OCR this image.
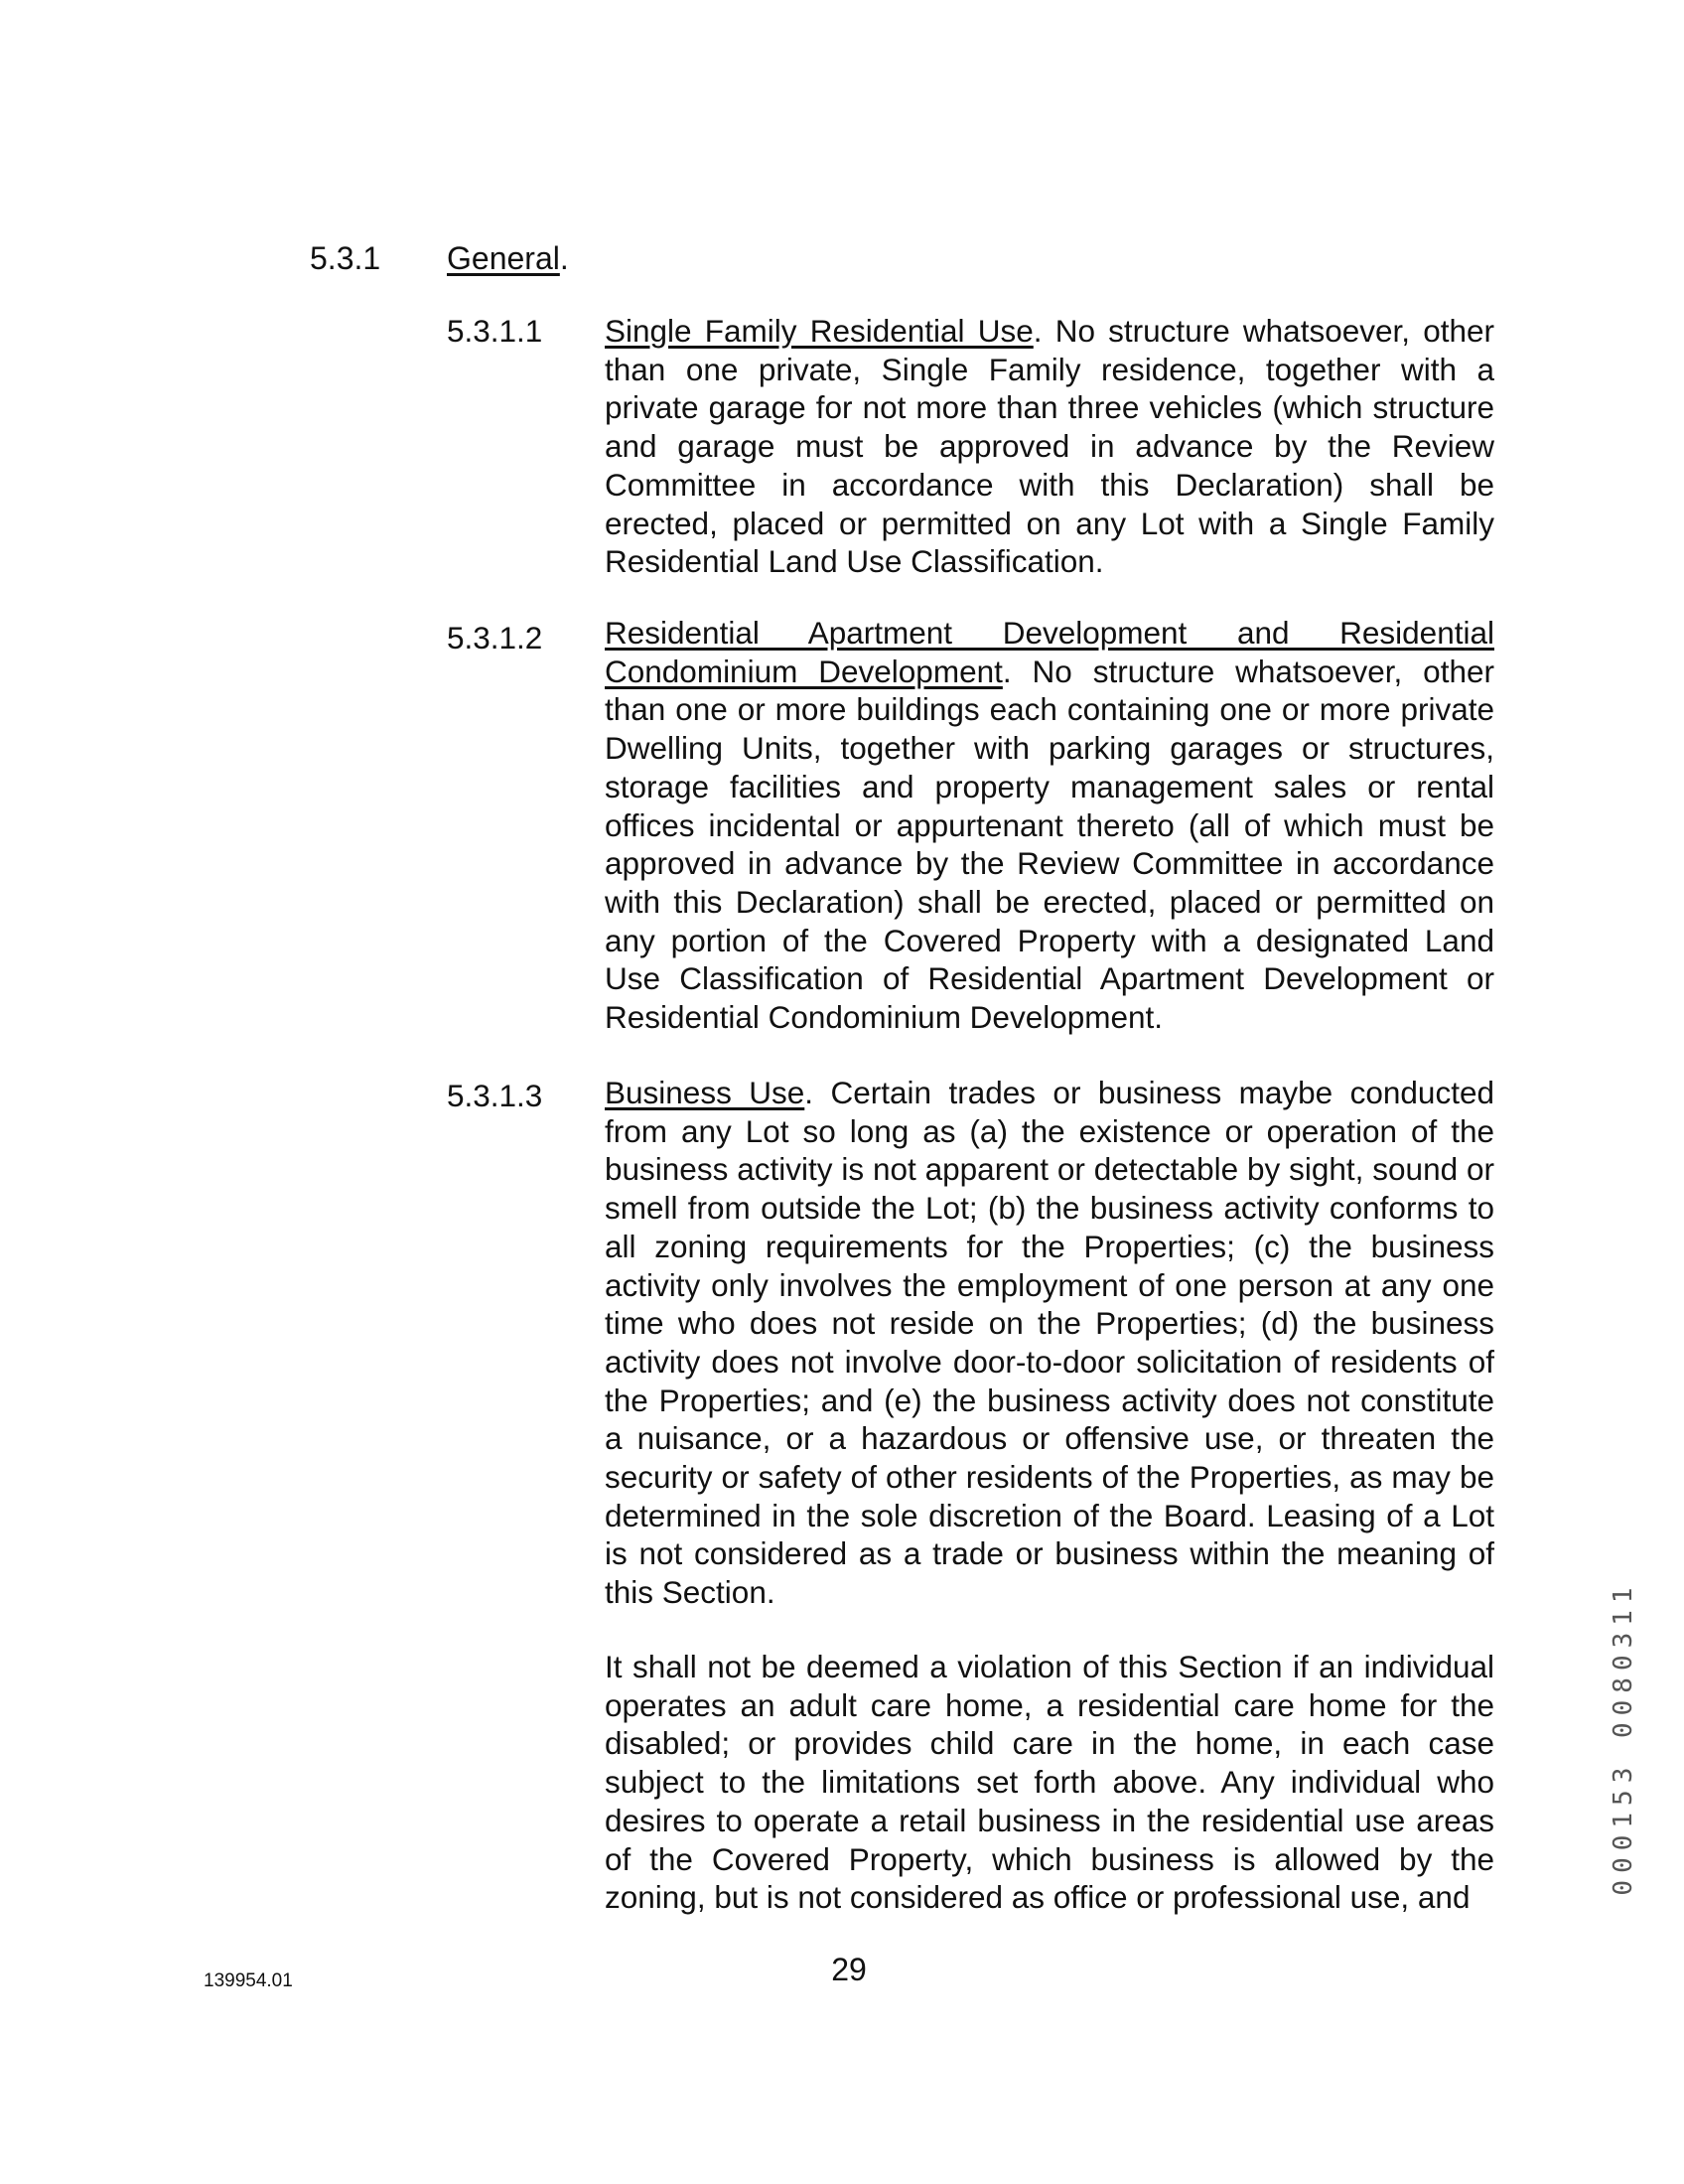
5.3.1 General.
5.3.1.1 Single Family Residential Use. No structure whatsoever, other than one private, Single Family residence, together with a private garage for not more than three vehicles (which structure and garage must be approved in advance by the Review Committee in accordance with this Declaration) shall be erected, placed or permitted on any Lot with a Single Family Residential Land Use Classification.
5.3.1.2 Residential Apartment Development and Residential Condominium Development. No structure whatsoever, other than one or more buildings each containing one or more private Dwelling Units, together with parking garages or structures, storage facilities and property management sales or rental offices incidental or appurtenant thereto (all of which must be approved in advance by the Review Committee in accordance with this Declaration) shall be erected, placed or permitted on any portion of the Covered Property with a designated Land Use Classification of Residential Apartment Development or Residential Condominium Development.
5.3.1.3 Business Use. Certain trades or business maybe conducted from any Lot so long as (a) the existence or operation of the business activity is not apparent or detectable by sight, sound or smell from outside the Lot; (b) the business activity conforms to all zoning requirements for the Properties; (c) the business activity only involves the employment of one person at any one time who does not reside on the Properties; (d) the business activity does not involve door-to-door solicitation of residents of the Properties; and (e) the business activity does not constitute a nuisance, or a hazardous or offensive use, or threaten the security or safety of other residents of the Properties, as may be determined in the sole discretion of the Board. Leasing of a Lot is not considered as a trade or business within the meaning of this Section.
It shall not be deemed a violation of this Section if an individual operates an adult care home, a residential care home for the disabled; or provides child care in the home, in each case subject to the limitations set forth above. Any individual who desires to operate a retail business in the residential use areas of the Covered Property, which business is allowed by the zoning, but is not considered as office or professional use, and
139954.01	29
000153 0080311
